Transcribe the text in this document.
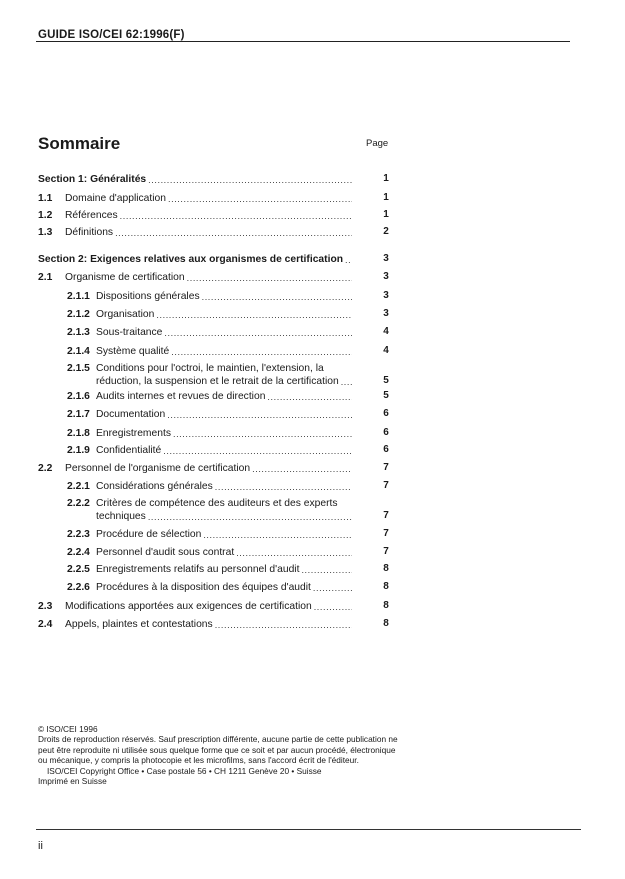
GUIDE ISO/CEI 62:1996(F)
Sommaire	Page
Section 1: Généralités .....	1
1.1 Domaine d'application .....	1
1.2 Références .....	1
1.3 Définitions .....	2
Section 2: Exigences relatives aux organismes de certification .....	3
2.1 Organisme de certification .....	3
2.1.1 Dispositions générales .....	3
2.1.2 Organisation .....	3
2.1.3 Sous-traitance .....	4
2.1.4 Système qualité .....	4
2.1.5 Conditions pour l'octroi, le maintien, l'extension, la
réduction, la suspension et le retrait de la certification .....	5
2.1.6 Audits internes et revues de direction .....	5
2.1.7 Documentation .....	6
2.1.8 Enregistrements .....	6
2.1.9 Confidentialité .....	6
2.2 Personnel de l'organisme de certification .....	7
2.2.1 Considérations générales .....	7
2.2.2 Critères de compétence des auditeurs et des experts
techniques .....	7
2.2.3 Procédure de sélection .....	7
2.2.4 Personnel d'audit sous contrat .....	7
2.2.5 Enregistrements relatifs au personnel d'audit .....	8
2.2.6 Procédures à la disposition des équipes d'audit .....	8
2.3 Modifications apportées aux exigences de certification .....	8
2.4 Appels, plaintes et contestations .....	8

© ISO/CEI 1996

Droits de reproduction réservés. Sauf prescription différente, aucune partie de cette publication ne peut être reproduite ni utilisée sous quelque forme que ce soit et par aucun procédé, électronique ou mécanique, y compris la photocopie et les microfilms, sans l'accord écrit de l'éditeur.

ISO/CEI Copyright Office • Case postale 56 • CH 1211 Genève 20 • Suisse

Imprimé en Suisse

ii
